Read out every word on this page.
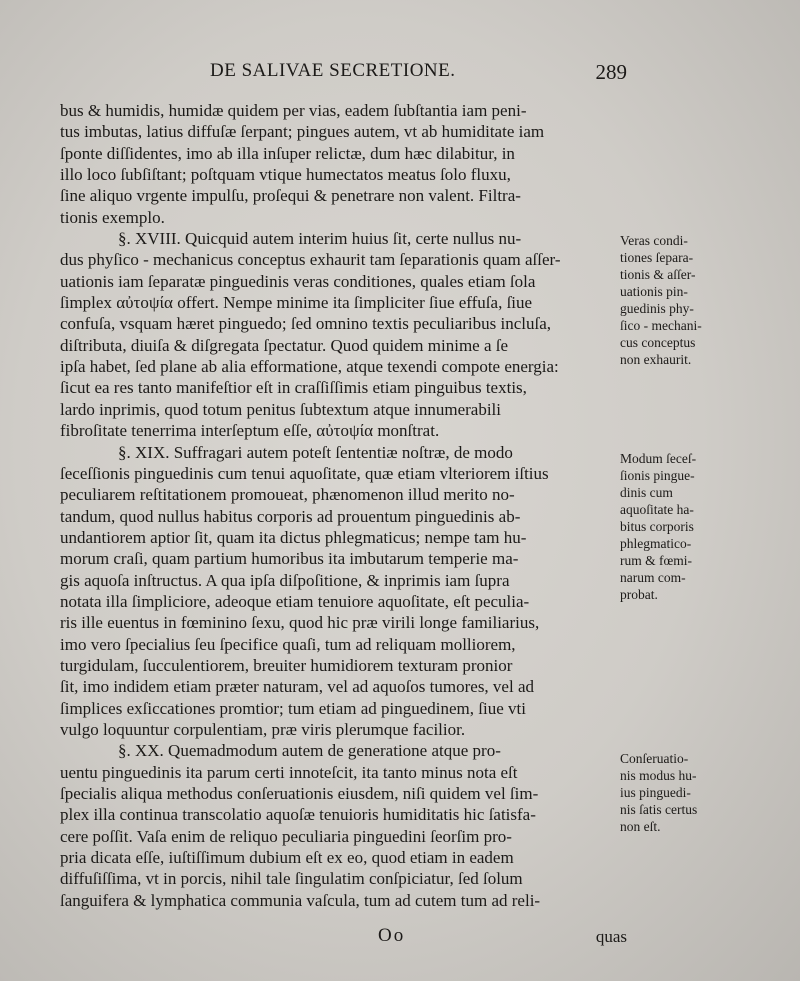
DE SALIVAE SECRETIONE.	289
bus & humidis, humidæ quidem per vias, eadem ſubſtantia iam peni-
tus imbutas, latius diffuſæ ſerpant; pingues autem, vt ab humiditate iam
ſponte diſſidentes, imo ab illa inſuper relictæ, dum hæc dilabitur, in
illo loco ſubſiſtant; poſtquam vtique humectatos meatus ſolo fluxu,
ſine aliquo vrgente impulſu, proſequi & penetrare non valent. Filtra-
tionis exemplo.
§. XVIII. Quicquid autem interim huius ſit, certe nullus nu-
dus phyſico - mechanicus conceptus exhaurit tam ſeparationis quam aſſer-
uationis iam ſeparatæ pinguedinis veras conditiones, quales etiam ſola
ſimplex αὐτοψία offert. Nempe minime ita ſimpliciter ſiue effuſa, ſiue
confuſa, vsquam hæret pinguedo; ſed omnino textis peculiaribus incluſa,
diſtributa, diuiſa & diſgregata ſpectatur. Quod quidem minime a ſe
ipſa habet, ſed plane ab alia efformatione, atque texendi compote energia:
ſicut ea res tanto manifeſtior eſt in craſſiſſimis etiam pinguibus textis,
lardo inprimis, quod totum penitus ſubtextum atque innumerabili
fibroſitate tenerrima interſeptum eſſe, αὐτοψία monſtrat.
§. XIX. Suffragari autem poteſt ſententiæ noſtræ, de modo
ſeceſſionis pinguedinis cum tenui aquoſitate, quæ etiam vlteriorem iſtius
peculiarem reſtitationem promoueat, phænomenon illud merito no-
tandum, quod nullus habitus corporis ad prouentum pinguedinis ab-
undantiorem aptior ſit, quam ita dictus phlegmaticus; nempe tam hu-
morum craſi, quam partium humoribus ita imbutarum temperie ma-
gis aquoſa inſtructus. A qua ipſa diſpoſitione, & inprimis iam ſupra
notata illa ſimpliciore, adeoque etiam tenuiore aquoſitate, eſt peculia-
ris ille euentus in fœminino ſexu, quod hic præ virili longe familiarius,
imo vero ſpecialius ſeu ſpecifice quaſi, tum ad reliquam molliorem,
turgidulam, ſucculentiorem, breuiter humidiorem texturam pronior
ſit, imo indidem etiam præter naturam, vel ad aquoſos tumores, vel ad
ſimplices exſiccationes promtior; tum etiam ad pinguedinem, ſiue vti
vulgo loquuntur corpulentiam, præ viris plerumque facilior.
§. XX. Quemadmodum autem de generatione atque pro-
uentu pinguedinis ita parum certi innoteſcit, ita tanto minus nota eſt
ſpecialis aliqua methodus conſeruationis eiusdem, niſi quidem vel ſim-
plex illa continua transcolatio aquoſæ tenuioris humiditatis hic ſatisfa-
cere poſſit. Vaſa enim de reliquo peculiaria pinguedini ſeorſim pro-
pria dicata eſſe, iuſtiſſimum dubium eſt ex eo, quod etiam in eadem
diffuſiſſima, vt in porcis, nihil tale ſingulatim conſpiciatur, ſed ſolum
ſanguifera & lymphatica communia vaſcula, tum ad cutem tum ad reli-
Veras condi-
tiones ſepara-
tionis & aſſer-
uationis pin-
guedinis phy-
ſico - mechani-
cus conceptus
non exhaurit.
Modum ſeceſ-
ſionis pingue-
dinis cum
aquoſitate ha-
bitus corporis
phlegmatico-
rum & fœmi-
narum com-
probat.
Conſeruatio-
nis modus hu-
ius pinguedi-
nis ſatis certus
non eſt.
Oo	quas
